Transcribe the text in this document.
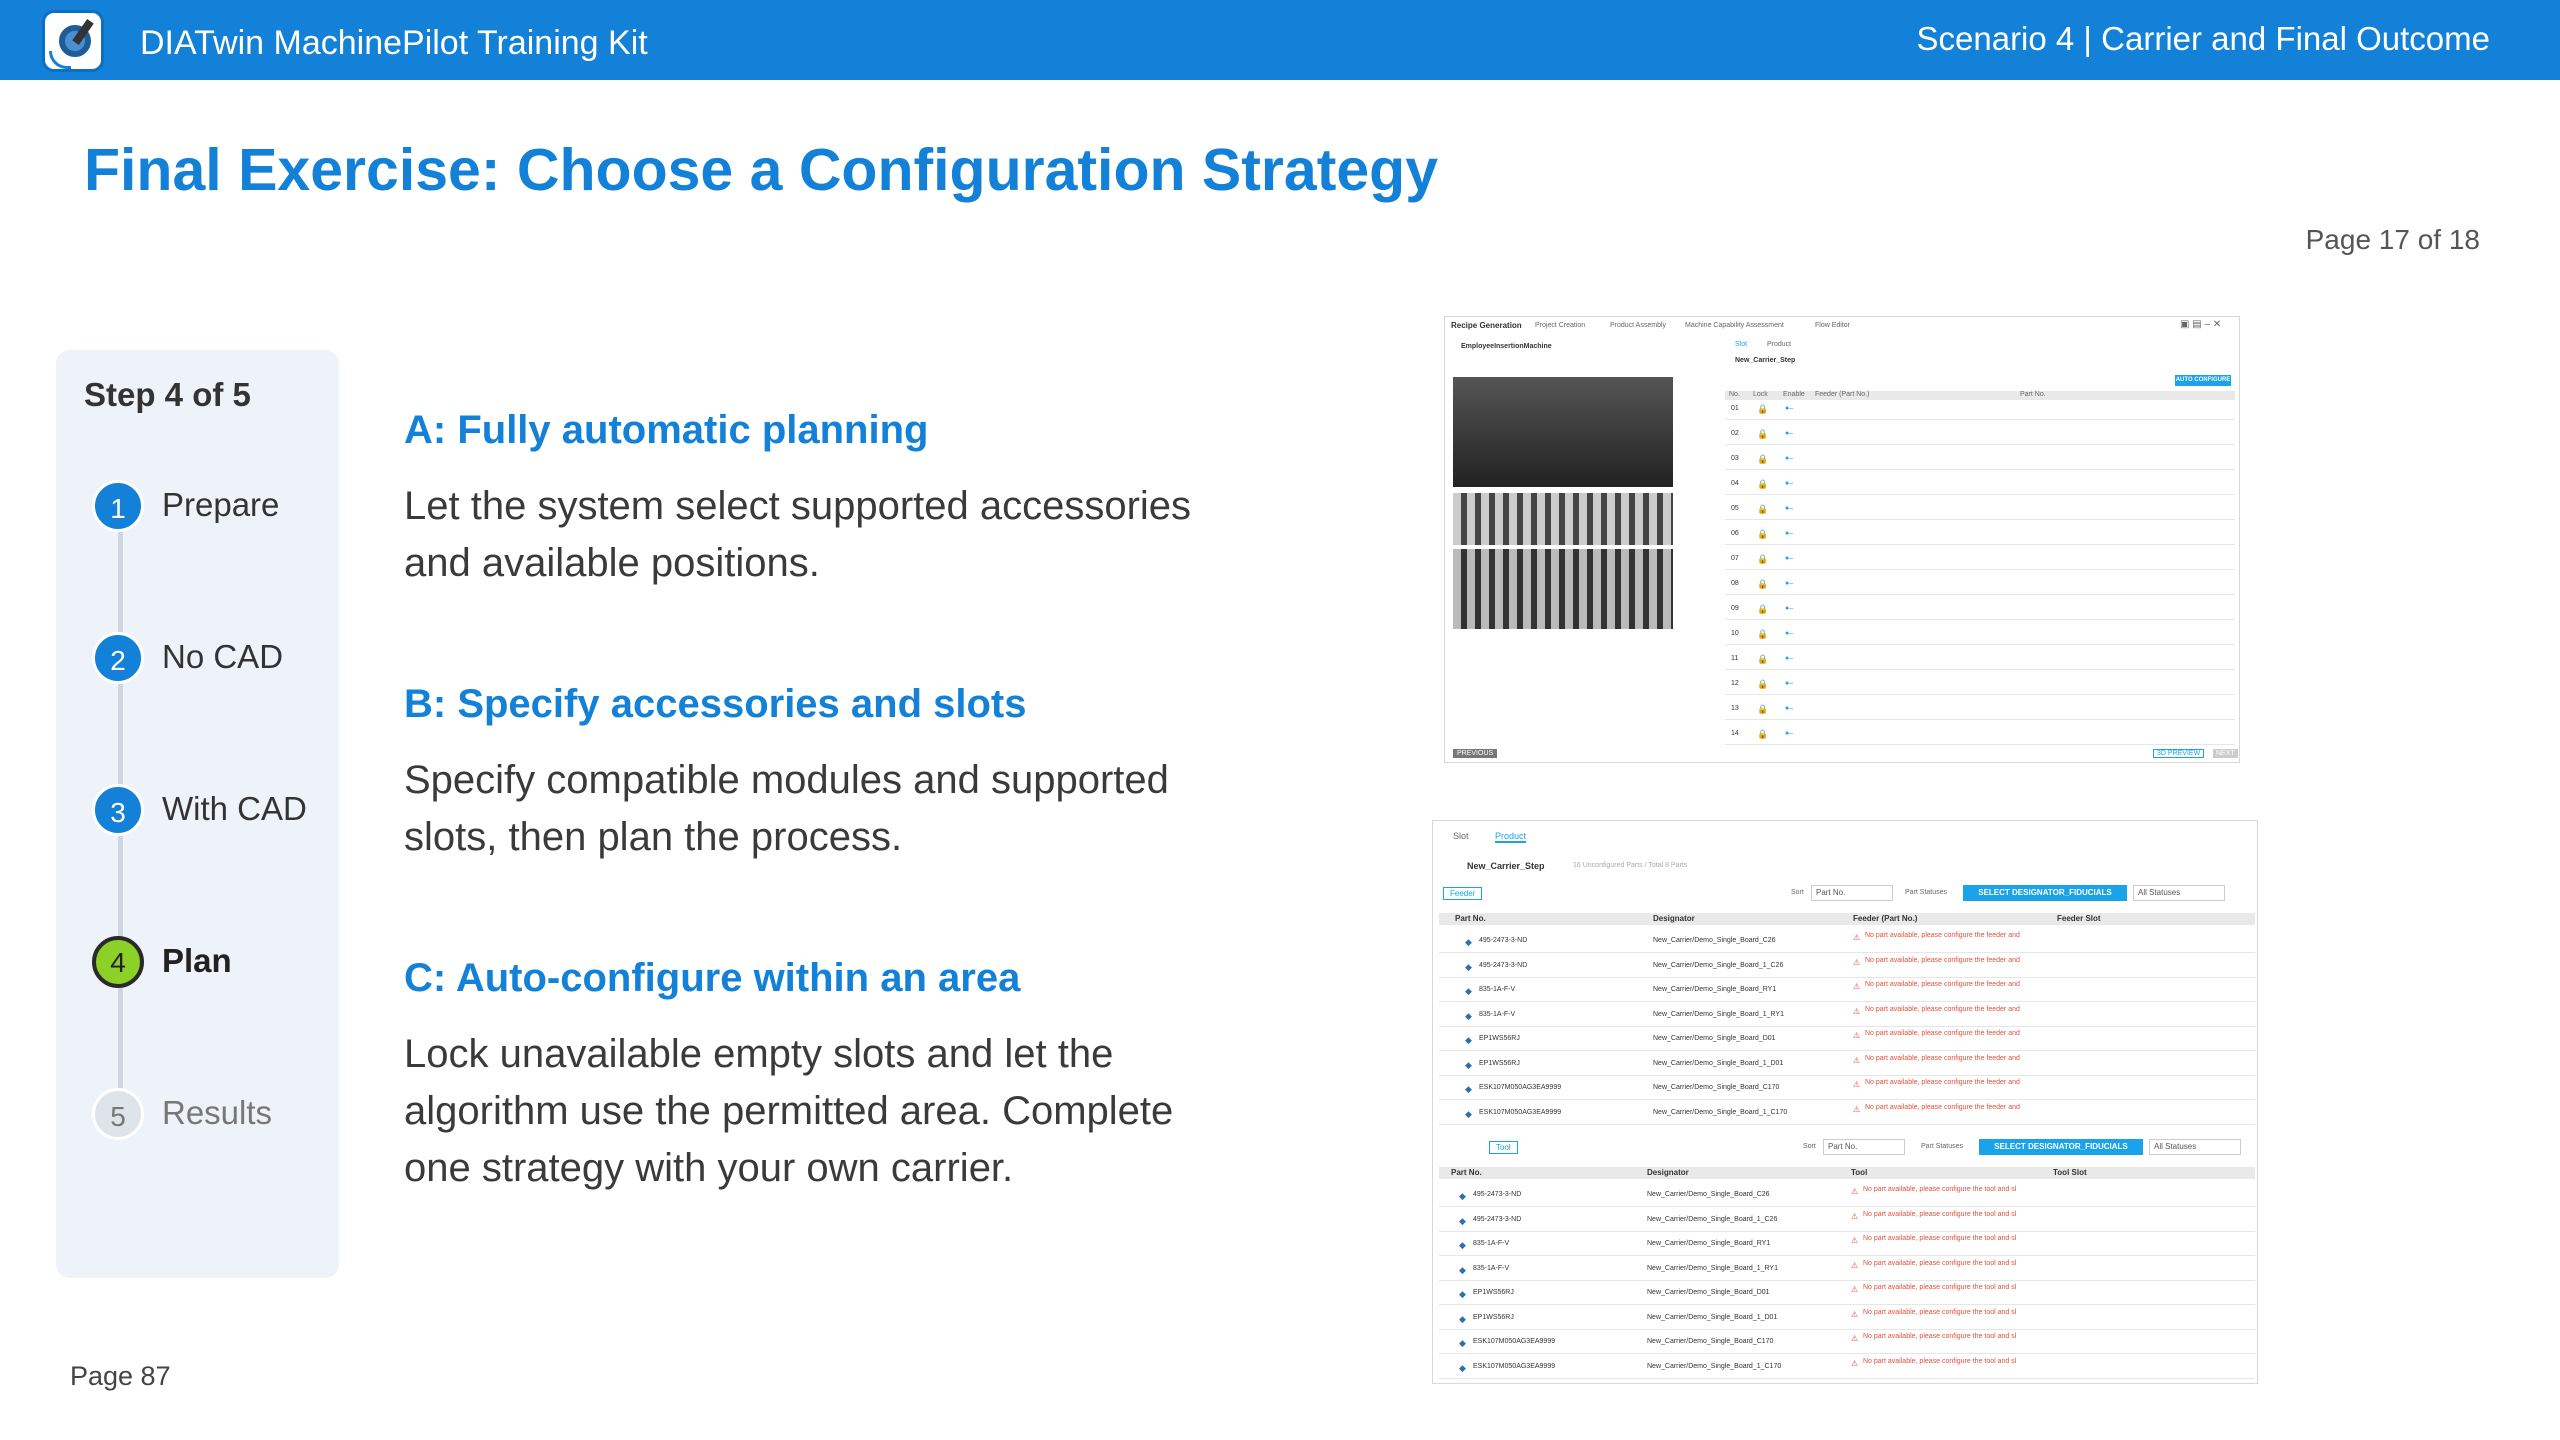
DIATwin MachinePilot Training Kit	Scenario 4 | Carrier and Final Outcome
Final Exercise: Choose a Configuration Strategy
Page 17 of 18
Page 87
Step 4 of 5
1	Prepare
2	No CAD
3	With CAD
4	Plan
5	Results
A: Fully automatic planning
Let the system select supported accessories and available positions.
B: Specify accessories and slots
Specify compatible modules and supported slots, then plan the process.
C: Auto-configure within an area
Lock unavailable empty slots and let the algorithm use the permitted area. Complete one strategy with your own carrier.
Recipe Generation Project Creation	Product Assembly	Machine Capability Assessment	Flow Editor	▣ ▤ – ✕
EmployeeInsertionMachine	Slot	Product
New_Carrier_Step
AUTO CONFIGURE
No. Lock Enable Feeder (Part No.)	Part No.
01 🔒 ●‒
02 🔒 ●‒
03 🔒 ●‒
04 🔒 ●‒
05 🔒 ●‒
06 🔒 ●‒
07 🔒 ●‒
08 🔒 ●‒
09 🔒 ●‒
10 🔒 ●‒
11 🔒 ●‒
12 🔒 ●‒
13 🔒 ●‒
14 🔒 ●‒
PREVIOUS	3D PREVIEW	NEXT
Slot	Product
New_Carrier_Step	16 Unconfigured Parts / Total 8 Parts
Feeder	Part No.
Sort	Part Statuses	SELECT DESIGNATOR_FIDUCIALS	All Statuses
Part No.	Designator	Feeder (Part No.)	Feeder Slot
◆ 495-2473-3-ND	New_Carrier/Demo_Single_Board_C26	⚠ No part available, please configure the feeder and
◆ 495-2473-3-ND	New_Carrier/Demo_Single_Board_1_C26	⚠ No part available, please configure the feeder and
◆ 835-1A-F-V	New_Carrier/Demo_Single_Board_RY1	⚠ No part available, please configure the feeder and
◆ 835-1A-F-V	New_Carrier/Demo_Single_Board_1_RY1	⚠ No part available, please configure the feeder and
◆ EP1WS56RJ	New_Carrier/Demo_Single_Board_D01	⚠ No part available, please configure the feeder and
◆ EP1WS56RJ	New_Carrier/Demo_Single_Board_1_D01	⚠ No part available, please configure the feeder and
◆ ESK107M050AG3EA9999	New_Carrier/Demo_Single_Board_C170	⚠ No part available, please configure the feeder and
◆ ESK107M050AG3EA9999	New_Carrier/Demo_Single_Board_1_C170	⚠ No part available, please configure the feeder and
Tool	Part No.
Sort	Part Statuses	SELECT DESIGNATOR_FIDUCIALS	All Statuses
Part No.	Designator	Tool	Tool Slot
◆ 495-2473-3-ND	New_Carrier/Demo_Single_Board_C26	⚠ No part available, please configure the tool and sl
◆ 495-2473-3-ND	New_Carrier/Demo_Single_Board_1_C26	⚠ No part available, please configure the tool and sl
◆ 835-1A-F-V	New_Carrier/Demo_Single_Board_RY1	⚠ No part available, please configure the tool and sl
◆ 835-1A-F-V	New_Carrier/Demo_Single_Board_1_RY1	⚠ No part available, please configure the tool and sl
◆ EP1WS56RJ	New_Carrier/Demo_Single_Board_D01	⚠ No part available, please configure the tool and sl
◆ EP1WS56RJ	New_Carrier/Demo_Single_Board_1_D01	⚠ No part available, please configure the tool and sl
◆ ESK107M050AG3EA9999	New_Carrier/Demo_Single_Board_C170	⚠ No part available, please configure the tool and sl
◆ ESK107M050AG3EA9999	New_Carrier/Demo_Single_Board_1_C170	⚠ No part available, please configure the tool and sl
